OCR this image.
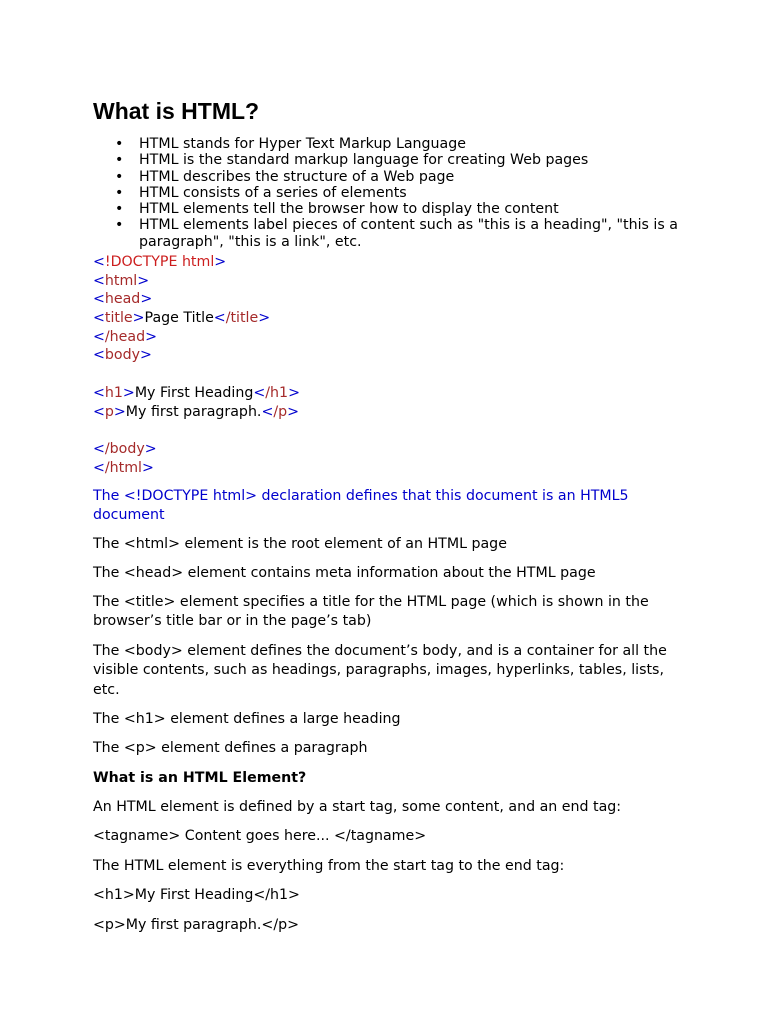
What is HTML?
• HTML stands for Hyper Text Markup Language
• HTML is the standard markup language for creating Web pages
• HTML describes the structure of a Web page
• HTML consists of a series of elements
• HTML elements tell the browser how to display the content
• HTML elements label pieces of content such as "this is a heading", "this is a paragraph", "this is a link", etc.
<!DOCTYPE html>
<html>
<head>
<title>Page Title</title>
</head>
<body>
<h1>My First Heading</h1>
<p>My first paragraph.</p>
</body>
</html>

The <!DOCTYPE html> declaration defines that this document is an HTML5 document

The <html> element is the root element of an HTML page

The <head> element contains meta information about the HTML page

The <title> element specifies a title for the HTML page (which is shown in the browser’s title bar or in the page’s tab)

The <body> element defines the document’s body, and is a container for all the visible contents, such as headings, paragraphs, images, hyperlinks, tables, lists, etc.

The <h1> element defines a large heading

The <p> element defines a paragraph

What is an HTML Element?

An HTML element is defined by a start tag, some content, and an end tag:

<tagname> Content goes here... </tagname>

The HTML element is everything from the start tag to the end tag:

<h1>My First Heading</h1>

<p>My first paragraph.</p>
